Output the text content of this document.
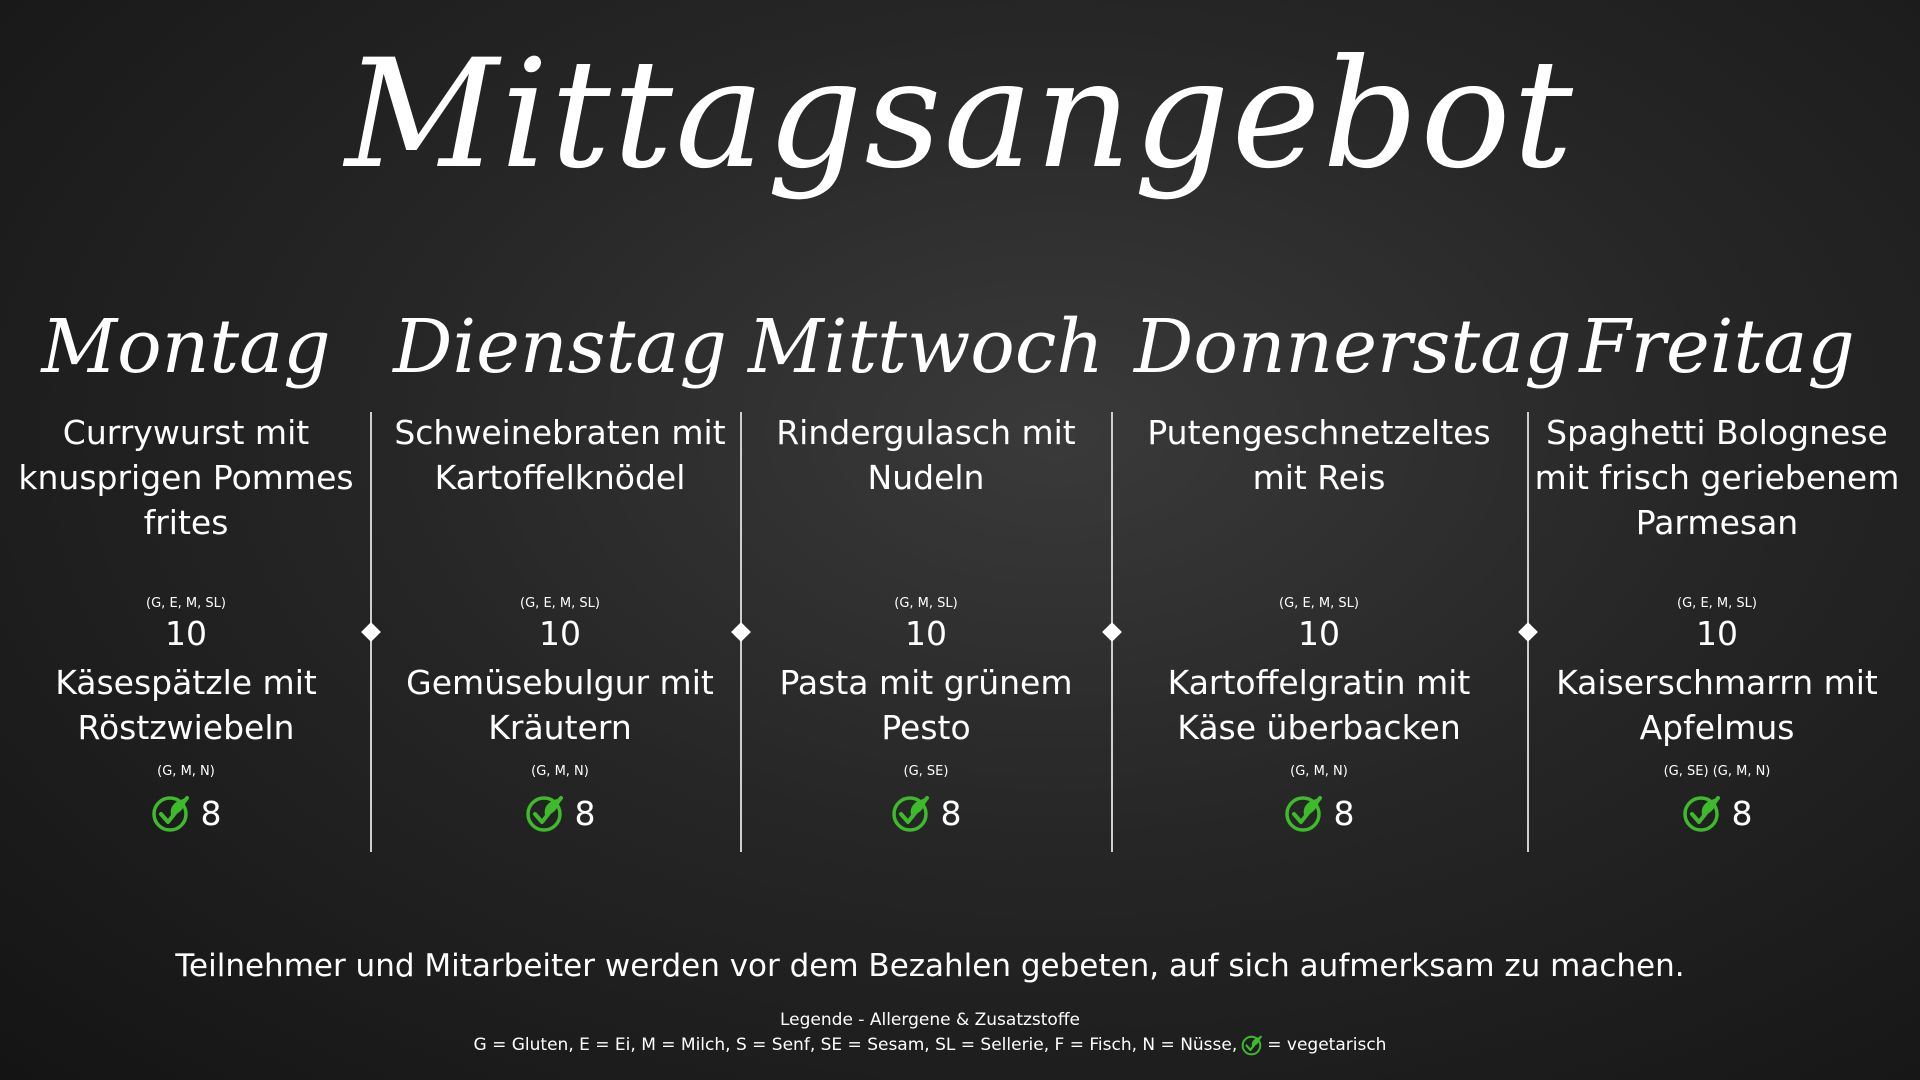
Mittagsangebot
Montag
Currywurst mit knusprigen Pommes frites
(G, E, M, SL)
10
Käsespätzle mit Röstzwiebeln
(G, M, N)
8
Dienstag
Schweinebraten mit Kartoffelknödel
(G, E, M, SL)
10
Gemüsebulgur mit Kräutern
(G, M, N)
8
Mittwoch
Rindergulasch mit Nudeln
(G, M, SL)
10
Pasta mit grünem Pesto
(G, SE)
8
Donnerstag
Putengeschnetzeltes mit Reis
(G, E, M, SL)
10
Kartoffelgratin mit Käse überbacken
(G, M, N)
8
Freitag
Spaghetti Bolognese mit frisch geriebenem Parmesan
(G, E, M, SL)
10
Kaiserschmarrn mit Apfelmus
(G, SE) (G, M, N)
8
Teilnehmer und Mitarbeiter werden vor dem Bezahlen gebeten, auf sich aufmerksam zu machen.
Legende - Allergene & Zusatzstoffe
G = Gluten, E = Ei, M = Milch, S = Senf, SE = Sesam, SL = Sellerie, F = Fisch, N = Nüsse, = vegetarisch
